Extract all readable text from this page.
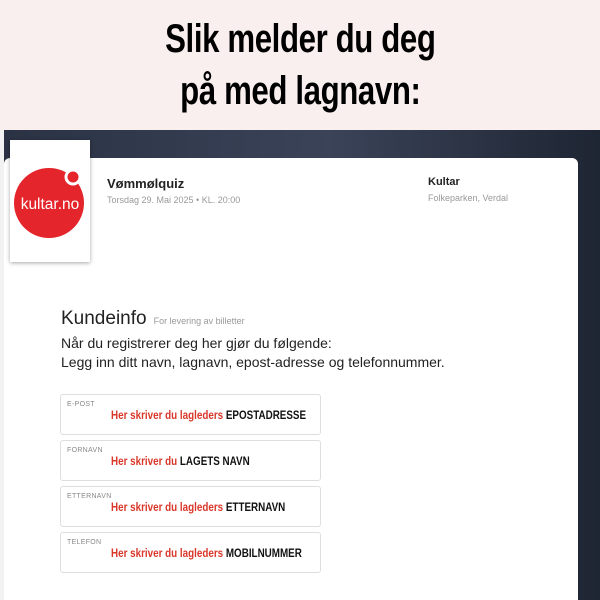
Slik melder du deg
på med lagnavn:
kultar.no
Vømmølquiz
Torsdag 29. Mai 2025 • KL. 20:00
Kultar
Folkeparken, Verdal
Kundeinfo For levering av billetter
Når du registrerer deg her gjør du følgende:
Legg inn ditt navn, lagnavn, epost-adresse og telefonnummer.
E-POST
Her skriver du lagleders EPOSTADRESSE
FORNAVN
Her skriver du LAGETS NAVN
ETTERNAVN
Her skriver du lagleders ETTERNAVN
TELEFON
Her skriver du lagleders MOBILNUMMER
